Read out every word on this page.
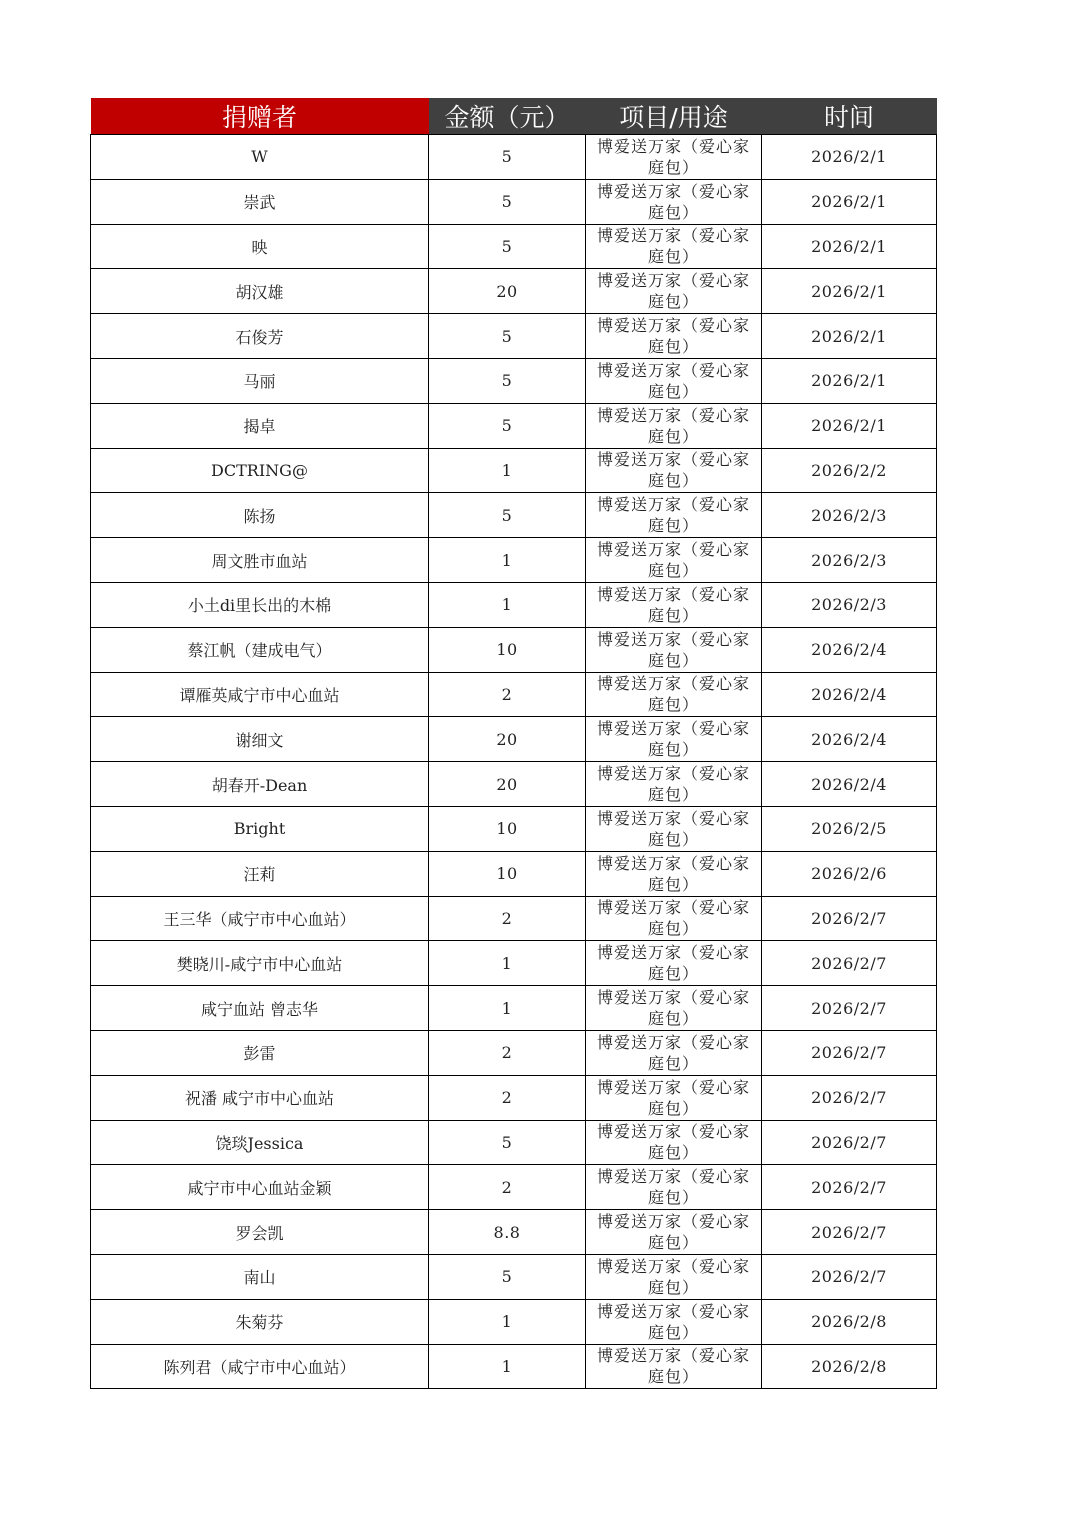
捐赠者	金额（元）	项目/用途	时间
W	5	博爱送万家（爱心家庭包）	2026/2/1
崇武	5	博爱送万家（爱心家庭包）	2026/2/1
映	5	博爱送万家（爱心家庭包）	2026/2/1
胡汉雄	20	博爱送万家（爱心家庭包）	2026/2/1
石俊芳	5	博爱送万家（爱心家庭包）	2026/2/1
马丽	5	博爱送万家（爱心家庭包）	2026/2/1
揭卓	5	博爱送万家（爱心家庭包）	2026/2/1
DCTRING@	1	博爱送万家（爱心家庭包）	2026/2/2
陈扬	5	博爱送万家（爱心家庭包）	2026/2/3
周文胜市血站	1	博爱送万家（爱心家庭包）	2026/2/3
小土di里长出的木棉	1	博爱送万家（爱心家庭包）	2026/2/3
蔡江帆（建成电气）	10	博爱送万家（爱心家庭包）	2026/2/4
谭雁英咸宁市中心血站	2	博爱送万家（爱心家庭包）	2026/2/4
谢细文	20	博爱送万家（爱心家庭包）	2026/2/4
胡春开-Dean	20	博爱送万家（爱心家庭包）	2026/2/4
Bright	10	博爱送万家（爱心家庭包）	2026/2/5
汪莉	10	博爱送万家（爱心家庭包）	2026/2/6
王三华（咸宁市中心血站）	2	博爱送万家（爱心家庭包）	2026/2/7
樊晓川-咸宁市中心血站	1	博爱送万家（爱心家庭包）	2026/2/7
咸宁血站 曾志华	1	博爱送万家（爱心家庭包）	2026/2/7
彭雷	2	博爱送万家（爱心家庭包）	2026/2/7
祝潘 咸宁市中心血站	2	博爱送万家（爱心家庭包）	2026/2/7
饶琰Jessica	5	博爱送万家（爱心家庭包）	2026/2/7
咸宁市中心血站金颖	2	博爱送万家（爱心家庭包）	2026/2/7
罗会凯	8.8	博爱送万家（爱心家庭包）	2026/2/7
南山	5	博爱送万家（爱心家庭包）	2026/2/7
朱菊芬	1	博爱送万家（爱心家庭包）	2026/2/8
陈列君（咸宁市中心血站）	1	博爱送万家（爱心家庭包）	2026/2/8
